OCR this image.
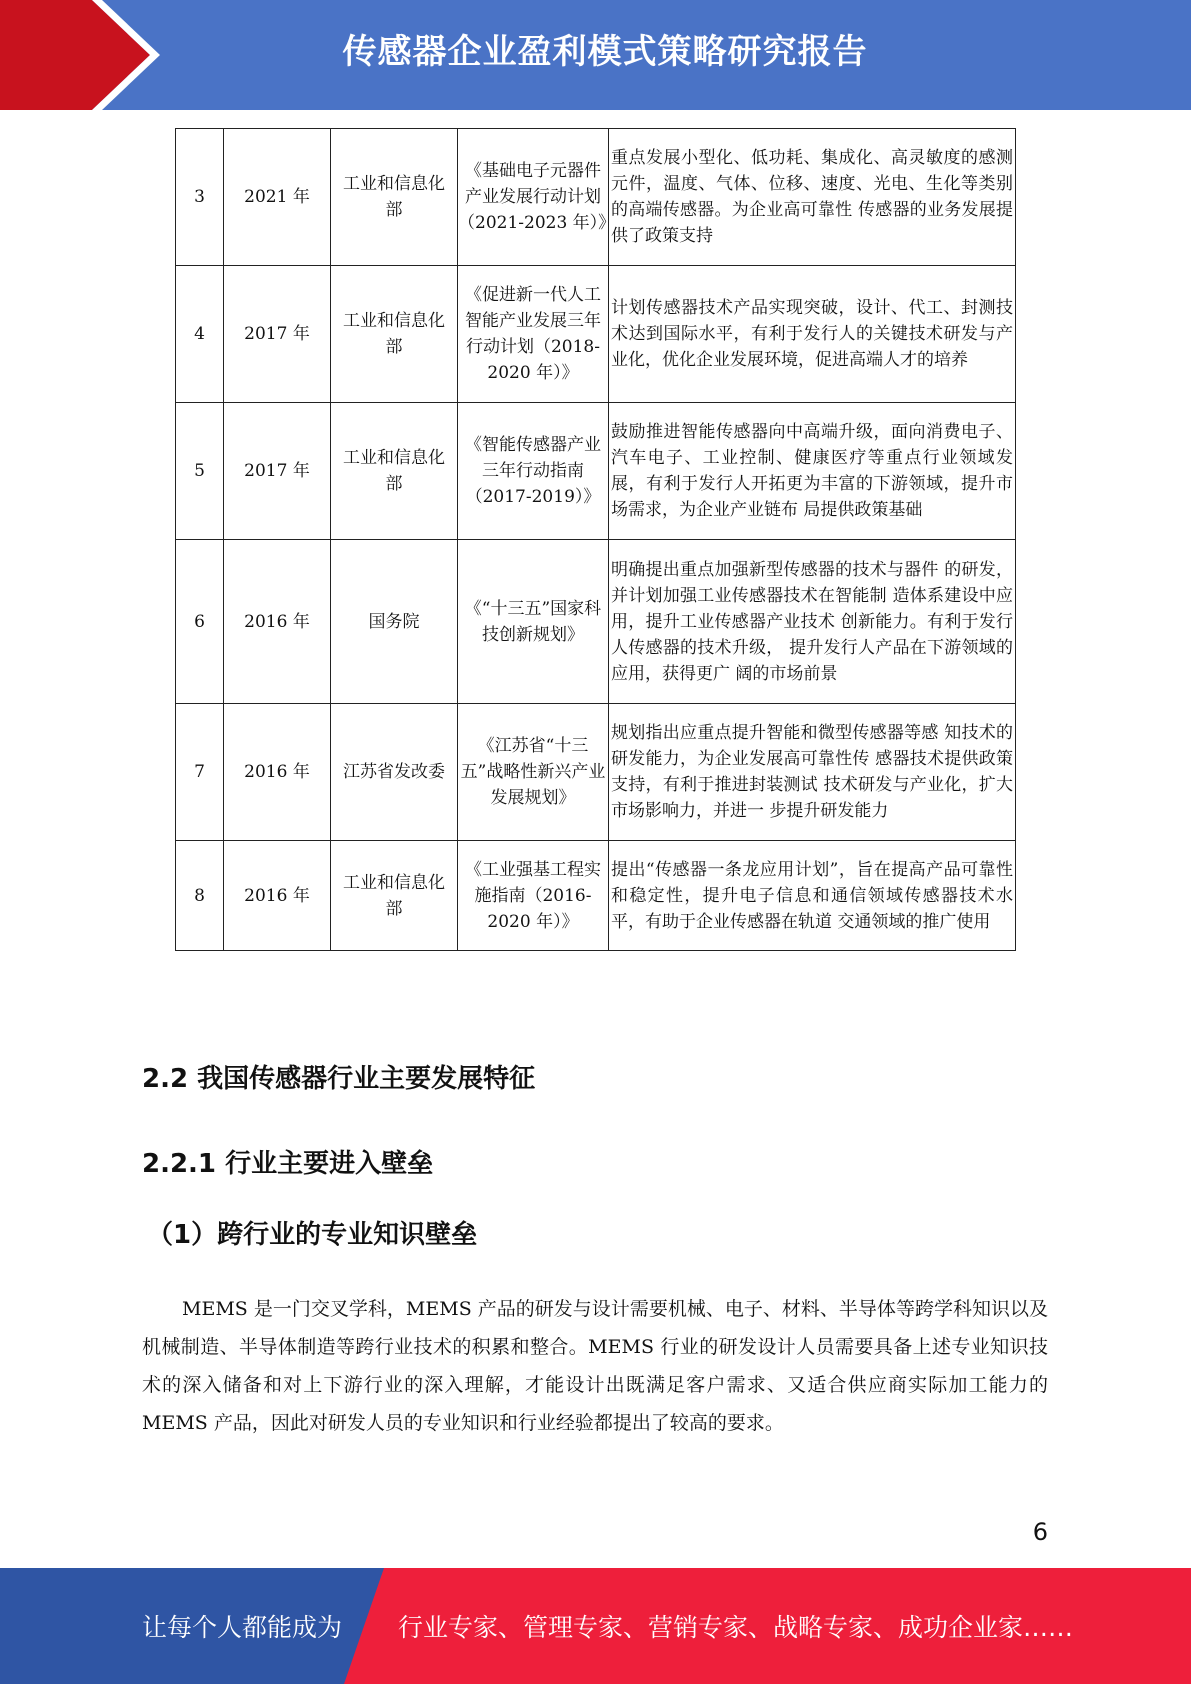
传感器企业盈利模式策略研究报告
3	2021 年	工业和信息化部	《基础电子元器件产业发展行动计划（2021-2023 年）》	重点发展小型化、低功耗、集成化、高灵敏度的感测元件，温度、气体、位移、速度、光电、生化等类别的高端传感器。为企业高可靠性 传感器的业务发展提供了政策支持
4	2017 年	工业和信息化部	《促进新一代人工智能产业发展三年行动计划（2018-2020 年）》	计划传感器技术产品实现突破，设计、代工、封测技术达到国际水平，有利于发行人的关键技术研发与产业化，优化企业发展环境，促进高端人才的培养
5	2017 年	工业和信息化部	《智能传感器产业三年行动指南（2017-2019）》	鼓励推进智能传感器向中高端升级，面向消费电子、汽车电子、工业控制、健康医疗等重点行业领域发展，有利于发行人开拓更为丰富的下游领域，提升市场需求，为企业产业链布 局提供政策基础
6	2016 年	国务院	《“十三五”国家科技创新规划》	明确提出重点加强新型传感器的技术与器件 的研发，并计划加强工业传感器技术在智能制 造体系建设中应用，提升工业传感器产业技术 创新能力。有利于发行人传感器的技术升级， 提升发行人产品在下游领域的应用，获得更广 阔的市场前景
7	2016 年	江苏省发改委	《江苏省“十三五”战略性新兴产业发展规划》	规划指出应重点提升智能和微型传感器等感 知技术的研发能力，为企业发展高可靠性传 感器技术提供政策支持，有利于推进封装测试 技术研发与产业化，扩大市场影响力，并进一 步提升研发能力
8	2016 年	工业和信息化部	《工业强基工程实施指南（2016-2020 年）》	提出“传感器一条龙应用计划”，旨在提高产品可靠性和稳定性，提升电子信息和通信领域传感器技术水平，有助于企业传感器在轨道 交通领域的推广使用
2.2 我国传感器行业主要发展特征
2.2.1 行业主要进入壁垒
（1）跨行业的专业知识壁垒

MEMS 是一门交叉学科，MEMS 产品的研发与设计需要机械、电子、材料、半导体等跨学科知识以及机械制造、半导体制造等跨行业技术的积累和整合。MEMS 行业的研发设计人员需要具备上述专业知识技术的深入储备和对上下游行业的深入理解，才能设计出既满足客户需求、又适合供应商实际加工能力的 MEMS 产品，因此对研发人员的专业知识和行业经验都提出了较高的要求。

6
让每个人都能成为 行业专家、管理专家、营销专家、战略专家、成功企业家……
